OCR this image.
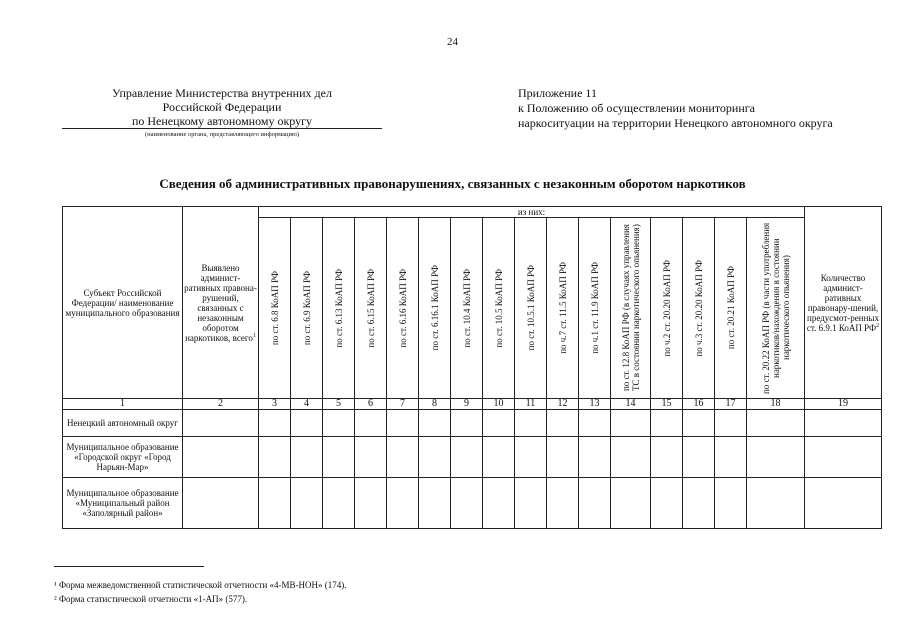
24
Управление Министерства внутренних дел
Российской Федерации
по Ненецкому автономному округу
(наименование органа, представляющего информацию)
Приложение 11
к Положению об осуществлении мониторинга
наркоситуации на территории Ненецкого автономного округа
Сведения об административных правонарушениях, связанных с незаконным оборотом наркотиков
Субъект Российской Федерации/ наименование муниципального образования	Выявлено админист-ративных правона-рушений, связанных с незаконным оборотом наркотиков, всего$^1$	из них:																Количество админист-ративных правонару-шений, предусмот-ренных ст. 6.9.1 КоАП $РФ^2$

		по ст. 6.8 КоАП РФ	по ст. 6.9 КоАП РФ	по ст. 6.13 КоАП РФ	по ст. 6.15 КоАП РФ	по ст. 6.16 КоАП РФ	по ст. 6.16.1 КоАП РФ	по ст. 10.4 КоАП РФ	по ст. 10.5 КоАП РФ	по ст. 10.5.1 КоАП РФ	по ч.7 ст. 11.5 КоАП РФ	по ч.1 ст. 11.9 КоАП РФ	по ст. 12.8 КоАП РФ (в случаях управления ТС в состоянии наркотического опьянения)	по ч.2 ст. 20.20 КоАП РФ	по ч.3 ст. 20.20 КоАП РФ	по ст. 20.21 КоАП РФ	по ст. 20.22 КоАП РФ (в части употребления наркотиков/нахождения в состоянии наркотического опьянения)	

1	2	3	4	5	6	7	8	9	10	11	12	13	14	15	16	17	18	19
Ненецкий автономный округ																		
Муниципальное образование «Городской округ «Город Нарьян-Мар»																		
Муниципальное образование «Муниципальный район «Заполярный район»																		
¹ Форма межведомственной статистической отчетности «4-МВ-НОН» (174).
² Форма статистической отчетности «1-АП» (577).
